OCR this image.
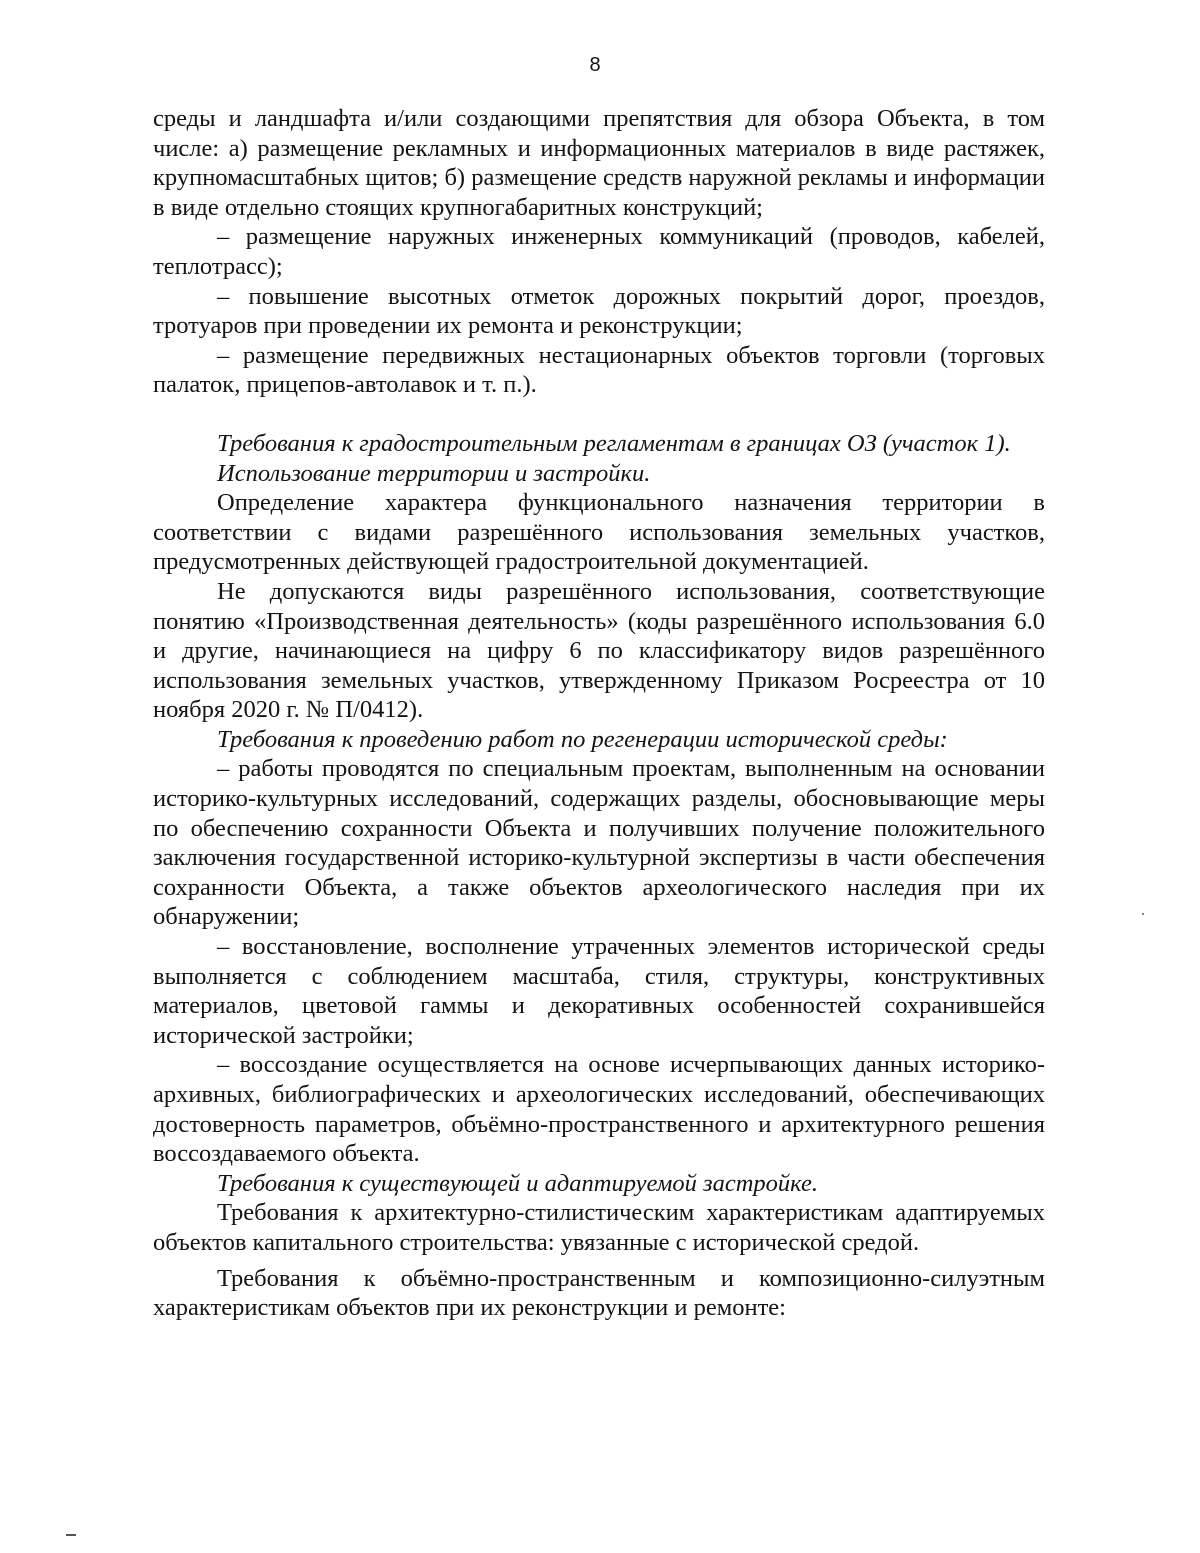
8

среды и ландшафта и/или создающими препятствия для обзора Объекта, в том числе: а) размещение рекламных и информационных материалов в виде растяжек, крупномасштабных щитов; б) размещение средств наружной рекламы и информации в виде отдельно стоящих крупногабаритных конструкций;

– размещение наружных инженерных коммуникаций (проводов, кабелей, теплотрасс);

– повышение высотных отметок дорожных покрытий дорог, проездов, тротуаров при проведении их ремонта и реконструкции;

– размещение передвижных нестационарных объектов торговли (торговых палаток, прицепов-автолавок и т. п.).

Требования к градостроительным регламентам в границах ОЗ (участок 1).

Использование территории и застройки.

Определение характера функционального назначения территории в соответствии с видами разрешённого использования земельных участков, предусмотренных действующей градостроительной документацией.

Не допускаются виды разрешённого использования, соответствующие понятию «Производственная деятельность» (коды разрешённого использования 6.0 и другие, начинающиеся на цифру 6 по классификатору видов разрешённого использования земельных участков, утвержденному Приказом Росреестра от 10 ноября 2020 г. № П/0412).

Требования к проведению работ по регенерации исторической среды:

– работы проводятся по специальным проектам, выполненным на основании историко-культурных исследований, содержащих разделы, обосновывающие меры по обеспечению сохранности Объекта и получивших получение положительного заключения государственной историко-культурной экспертизы в части обеспечения сохранности Объекта, а также объектов археологического наследия при их обнаружении;

– восстановление, восполнение утраченных элементов исторической среды выполняется с соблюдением масштаба, стиля, структуры, конструктивных материалов, цветовой гаммы и декоративных особенностей сохранившейся исторической застройки;

– воссоздание осуществляется на основе исчерпывающих данных историко-архивных, библиографических и археологических исследований, обеспечивающих достоверность параметров, объёмно-пространственного и архитектурного решения воссоздаваемого объекта.

Требования к существующей и адаптируемой застройке.

Требования к архитектурно-стилистическим характеристикам адаптируемых объектов капитального строительства: увязанные с исторической средой.

Требования к объёмно-пространственным и композиционно-силуэтным характеристикам объектов при их реконструкции и ремонте:
